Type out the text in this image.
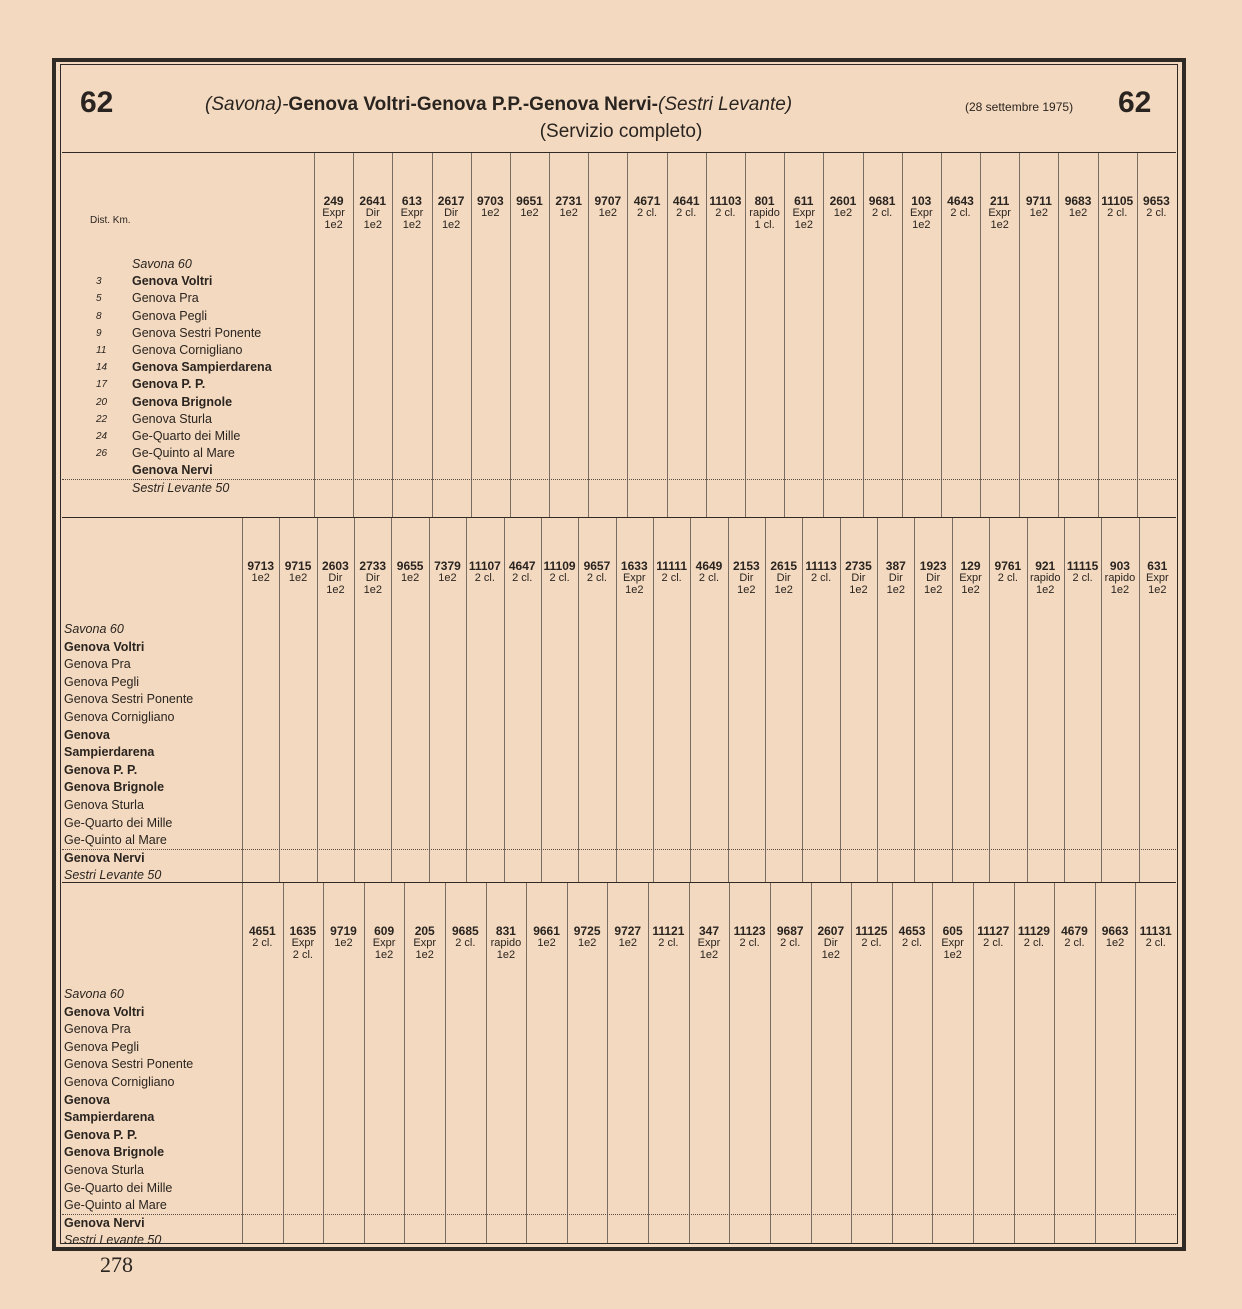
62	62
(Savona)-Genova Voltri-Genova P.P.-Genova Nervi-(Sestri Levante)	(28 settembre 1975)
(Servizio completo)
Dist. Km.
249
Expr
1e2
2641
Dir
1e2
613
Expr
1e2
2617
Dir
1e2
9703
1e2
9651
1e2
2731
1e2
9707
1e2
4671
2 cl.
4641
2 cl.
11103
2 cl.
801
rapido
1 cl.
611
Expr
1e2
2601
1e2
9681
2 cl.
103
Expr
1e2
4643
2 cl.
211
Expr
1e2
9711
1e2
9683
1e2
11105
2 cl.
9653
2 cl.
Savona 60
Genova Voltri
3
Genova Pra
5
Genova Pegli
8
Genova Sestri Ponente
9
Genova Cornigliano
11
Genova Sampierdarena
14
Genova P. P.
17
Genova Brignole
20
Genova Sturla
22
Ge-Quarto dei Mille
24
Ge-Quinto al Mare
26
Genova Nervi
Sestri Levante 50
9713
1e2
9715
1e2
2603
Dir
1e2
2733
Dir
1e2
9655
1e2
7379
1e2
11107
2 cl.
4647
2 cl.
11109
2 cl.
9657
2 cl.
1633
Expr
1e2
11111
2 cl.
4649
2 cl.
2153
Dir
1e2
2615
Dir
1e2
11113
2 cl.
2735
Dir
1e2
387
Dir
1e2
1923
Dir
1e2
129
Expr
1e2
9761
2 cl.
921
rapido
1e2
11115
2 cl.
903
rapido
1e2
631
Expr
1e2
Savona 60
Genova Voltri
Genova Pra
Genova Pegli
Genova Sestri Ponente
Genova Cornigliano
Genova
Sampierdarena
Genova P. P.
Genova Brignole
Genova Sturla
Ge-Quarto dei Mille
Ge-Quinto al Mare
Genova Nervi
Sestri Levante 50
4651
2 cl.
1635
Expr
2 cl.
9719
1e2
609
Expr
1e2
205
Expr
1e2
9685
2 cl.
831
rapido
1e2
9661
1e2
9725
1e2
9727
1e2
11121
2 cl.
347
Expr
1e2
11123
2 cl.
9687
2 cl.
2607
Dir
1e2
11125
2 cl.
4653
2 cl.
605
Expr
1e2
11127
2 cl.
11129
2 cl.
4679
2 cl.
9663
1e2
11131
2 cl.
Savona 60
Genova Voltri
Genova Pra
Genova Pegli
Genova Sestri Ponente
Genova Cornigliano
Genova
Sampierdarena
Genova P. P.
Genova Brignole
Genova Sturla
Ge-Quarto dei Mille
Ge-Quinto al Mare
Genova Nervi
Sestri Levante 50
278
